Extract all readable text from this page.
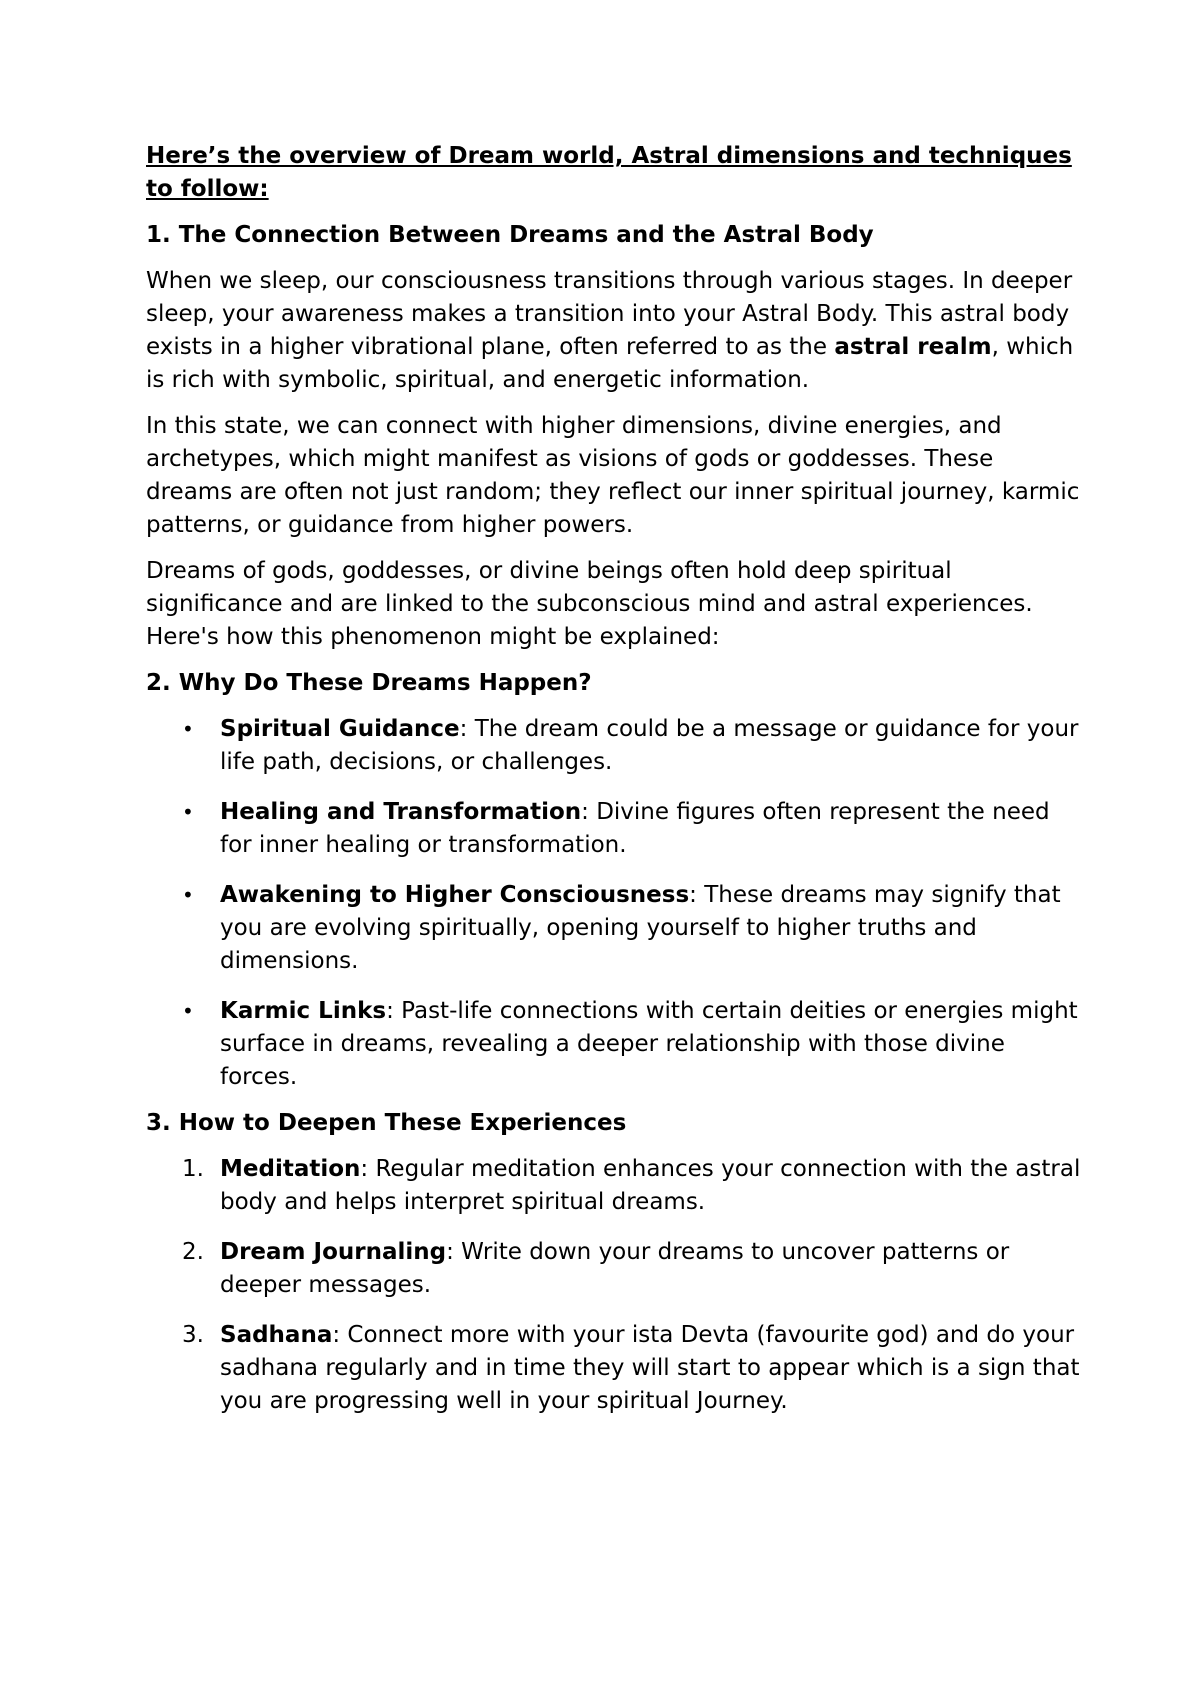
Here’s the overview of Dream world, Astral dimensions and techniques to follow:
1. The Connection Between Dreams and the Astral Body

When we sleep, our consciousness transitions through various stages. In deeper sleep, your awareness makes a transition into your Astral Body. This astral body exists in a higher vibrational plane, often referred to as the astral realm, which is rich with symbolic, spiritual, and energetic information.

In this state, we can connect with higher dimensions, divine energies, and archetypes, which might manifest as visions of gods or goddesses. These dreams are often not just random; they reflect our inner spiritual journey, karmic patterns, or guidance from higher powers.

Dreams of gods, goddesses, or divine beings often hold deep spiritual significance and are linked to the subconscious mind and astral experiences. Here's how this phenomenon might be explained:

2. Why Do These Dreams Happen?
•	Spiritual Guidance: The dream could be a message or guidance for your life path, decisions, or challenges.
•	Healing and Transformation: Divine figures often represent the need for inner healing or transformation.
•	Awakening to Higher Consciousness: These dreams may signify that you are evolving spiritually, opening yourself to higher truths and dimensions.
•	Karmic Links: Past-life connections with certain deities or energies might surface in dreams, revealing a deeper relationship with those divine forces.
3. How to Deepen These Experiences
1. Meditation: Regular meditation enhances your connection with the astral body and helps interpret spiritual dreams.
2. Dream Journaling: Write down your dreams to uncover patterns or deeper messages.
3. Sadhana: Connect more with your ista Devta (favourite god) and do your sadhana regularly and in time they will start to appear which is a sign that you are progressing well in your spiritual Journey.
